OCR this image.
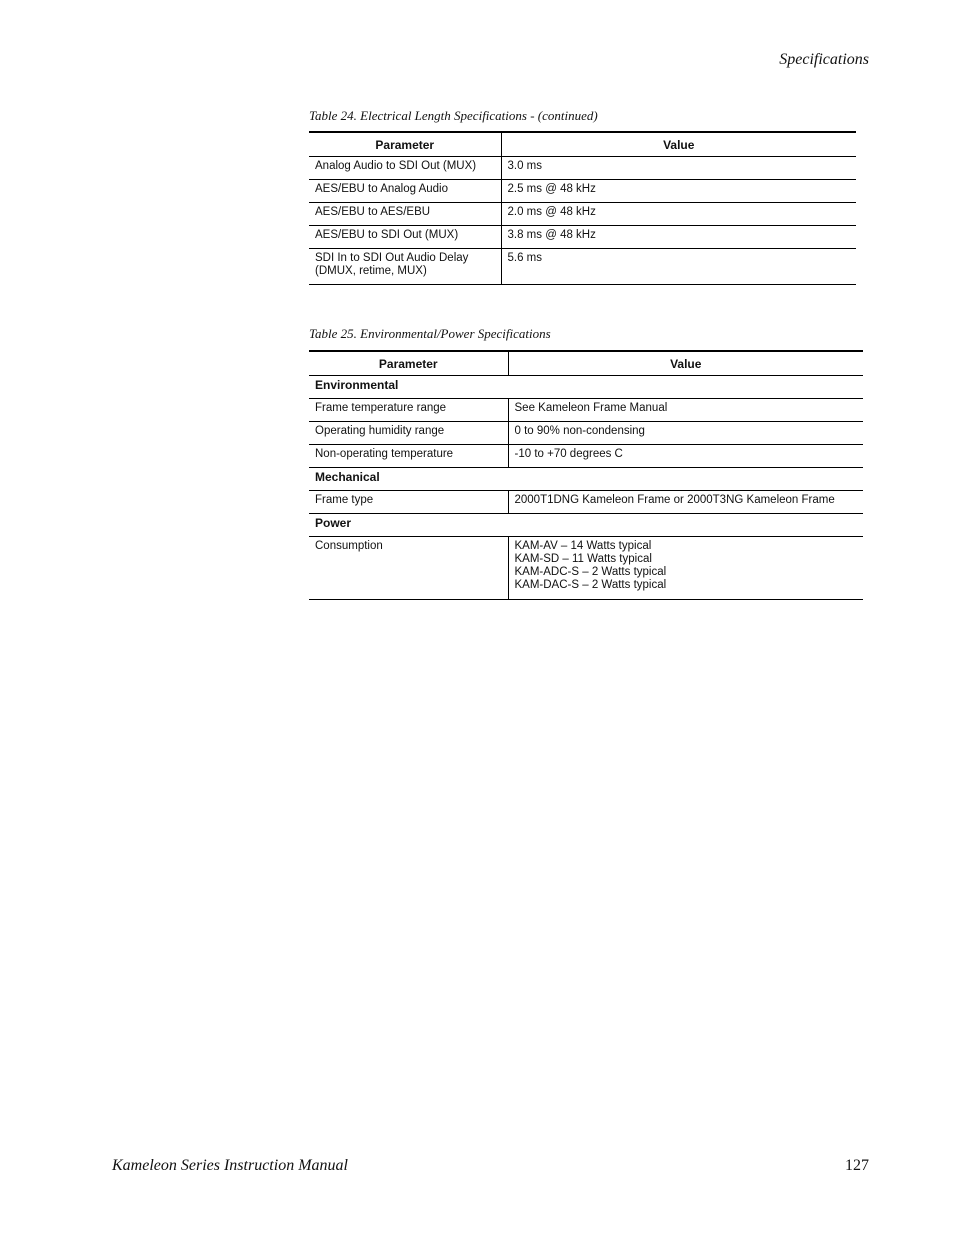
Specifications
Table 24. Electrical Length Specifications - (continued)
Parameter	Value
Analog Audio to SDI Out (MUX)	3.0 ms
AES/EBU to Analog Audio	2.5 ms @ 48 kHz
AES/EBU to AES/EBU	2.0 ms @ 48 kHz
AES/EBU to SDI Out (MUX)	3.8 ms @ 48 kHz

SDI In to SDI Out Audio Delay
(DMUX, retime, MUX)	5.6 ms
Table 25. Environmental/Power Specifications
Parameter	Value
Environmental	
Frame temperature range	See Kameleon Frame Manual
Operating humidity range	0 to 90% non-condensing
Non-operating temperature	-10 to +70 degrees C
Mechanical	
Frame type	2000T1DNG Kameleon Frame or 2000T3NG Kameleon Frame
Power	
Consumption	KAM-AV – 14 Watts typical
KAM-SD – 11 Watts typical
KAM-ADC-S – 2 Watts typical
KAM-DAC-S – 2 Watts typical
Kameleon Series Instruction Manual	127
